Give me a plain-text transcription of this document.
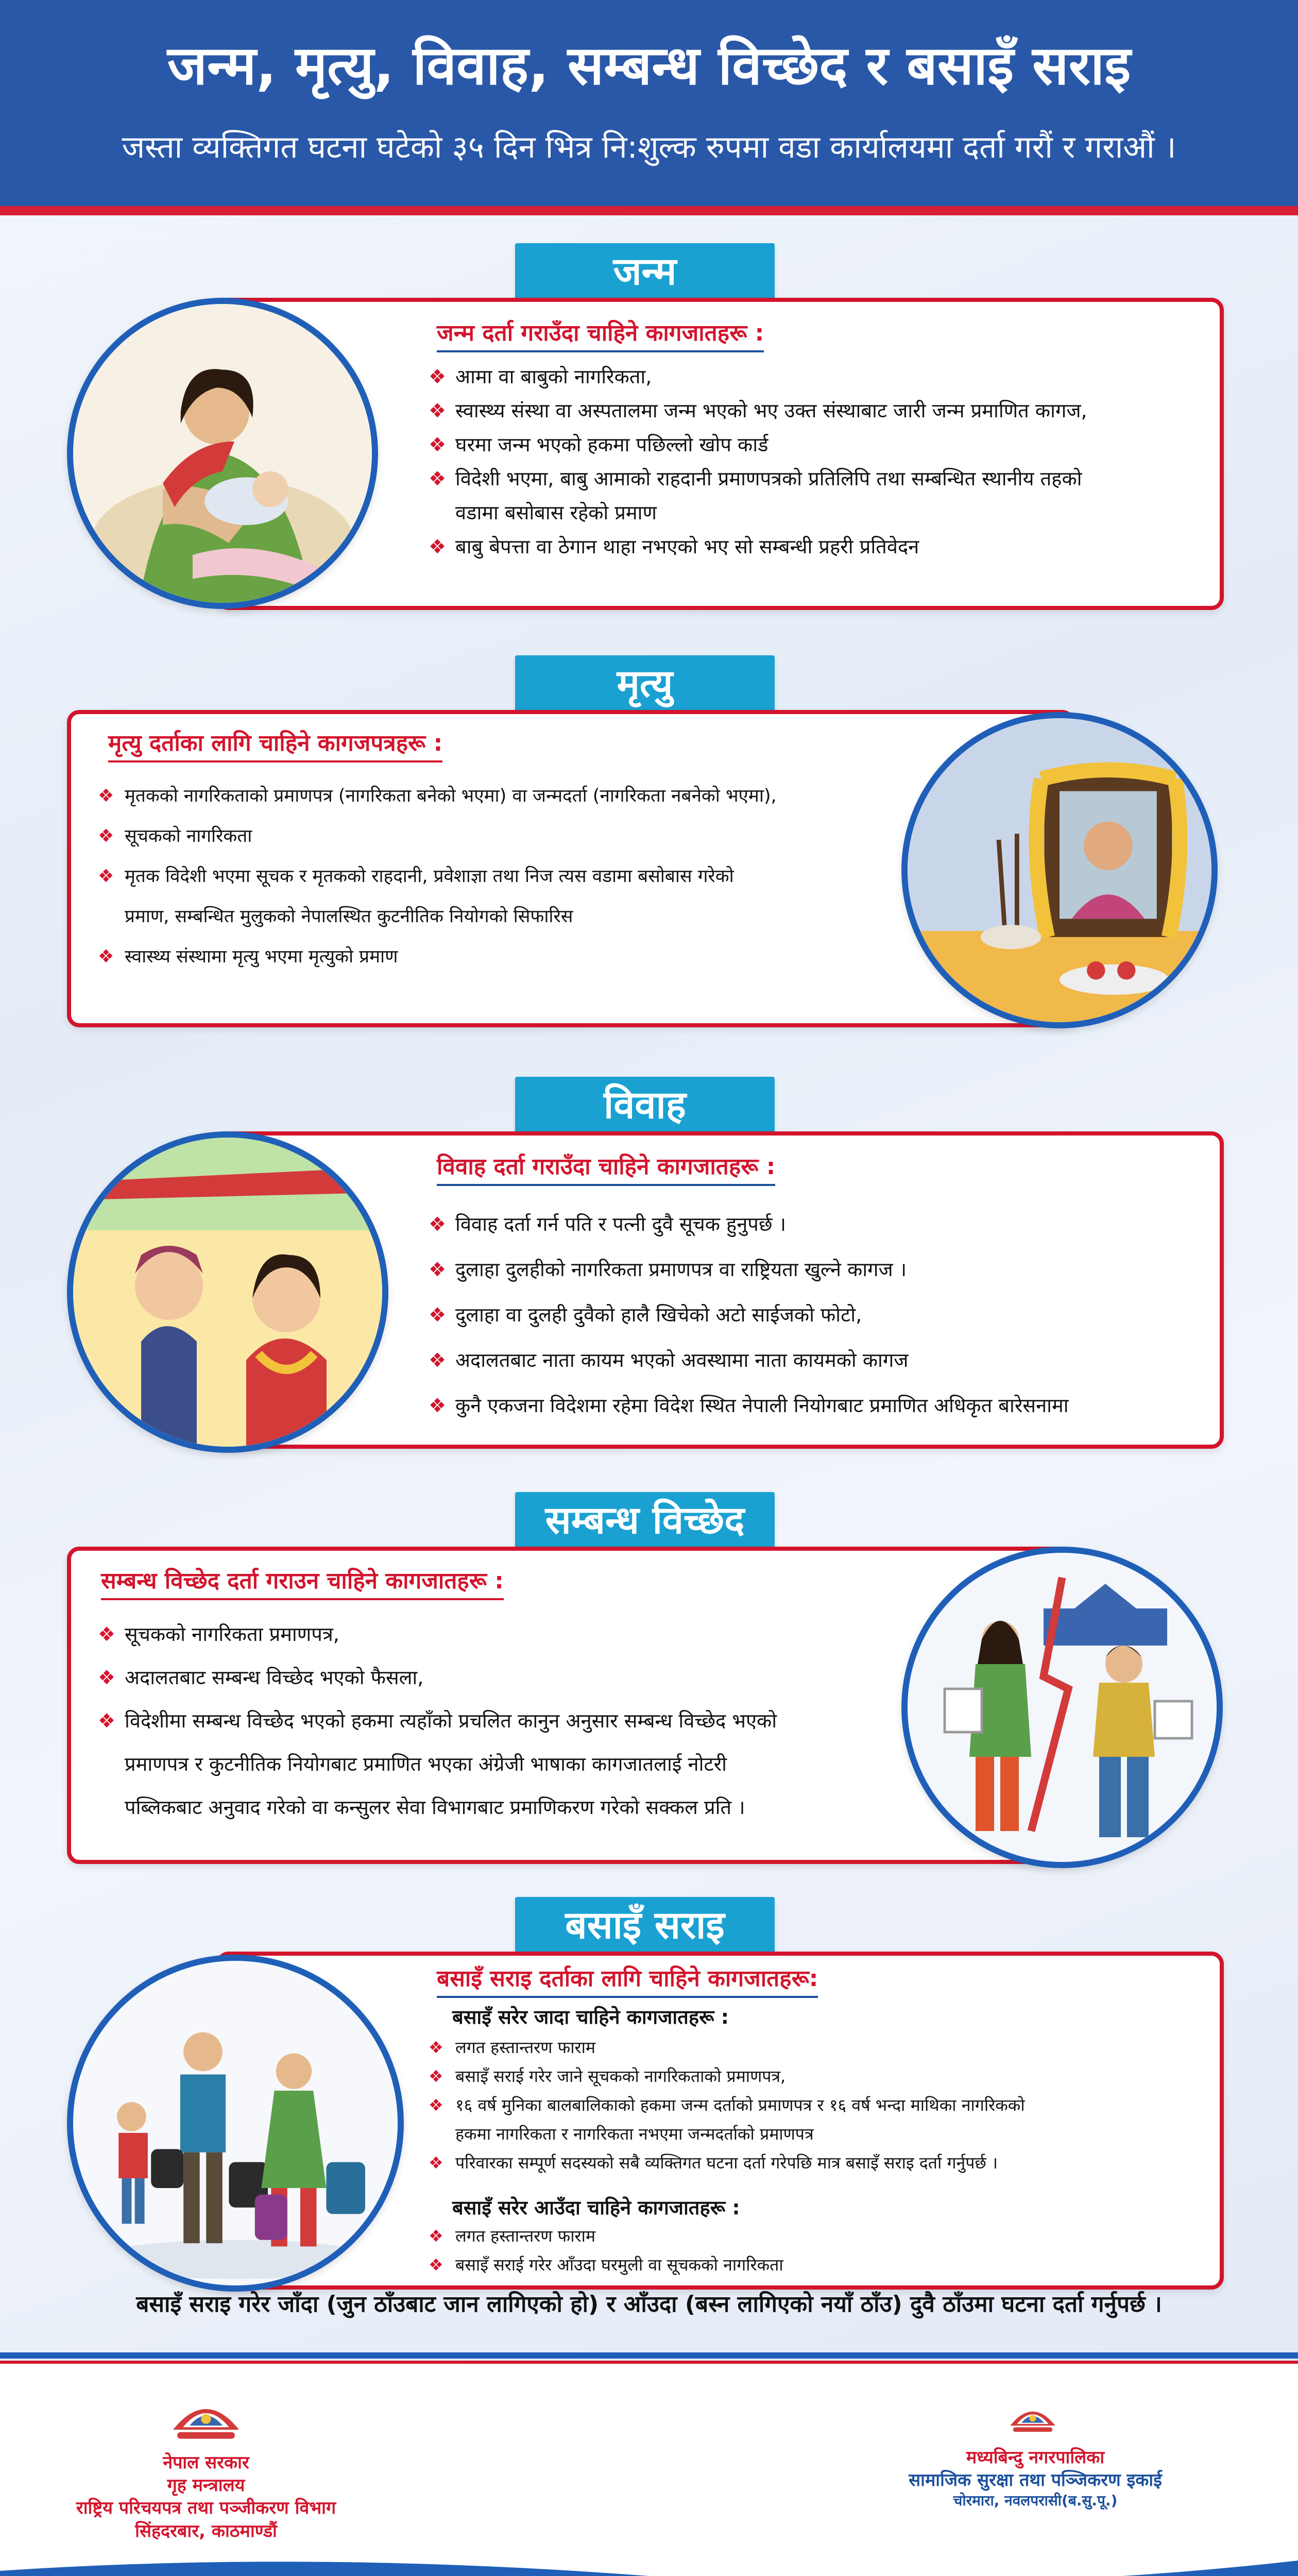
जन्म, मृत्यु, विवाह, सम्बन्ध विच्छेद र बसाइँ सराइ
जस्ता व्यक्तिगत घटना घटेको ३५ दिन भित्र नि:शुल्क रुपमा वडा कार्यालयमा दर्ता गरौं र गराऔं ।
जन्म
जन्म दर्ता गराउँदा चाहिने कागजातहरू :
❖ आमा वा बाबुको नागरिकता,
❖ स्वास्थ्य संस्था वा अस्पतालमा जन्म भएको भए उक्त संस्थाबाट जारी जन्म प्रमाणित कागज,
❖ घरमा जन्म भएको हकमा पछिल्लो खोप कार्ड
❖ विदेशी भएमा, बाबु आमाको राहदानी प्रमाणपत्रको प्रतिलिपि तथा सम्बन्धित स्थानीय तहको
वडामा बसोबास रहेको प्रमाण
❖ बाबु बेपत्ता वा ठेगान थाहा नभएको भए सो सम्बन्धी प्रहरी प्रतिवेदन
मृत्यु
मृत्यु दर्ताका लागि चाहिने कागजपत्रहरू :
❖ मृतकको नागरिकताको प्रमाणपत्र (नागरिकता बनेको भएमा) वा जन्मदर्ता (नागरिकता नबनेको भएमा),
❖ सूचकको नागरिकता
❖ मृतक विदेशी भएमा सूचक र मृतकको राहदानी, प्रवेशाज्ञा तथा निज त्यस वडामा बसोबास गरेको
प्रमाण, सम्बन्धित मुलुकको नेपालस्थित कुटनीतिक नियोगको सिफारिस
❖ स्वास्थ्य संस्थामा मृत्यु भएमा मृत्युको प्रमाण
विवाह
विवाह दर्ता गराउँदा चाहिने कागजातहरू :
❖ विवाह दर्ता गर्न पति र पत्नी दुवै सूचक हुनुपर्छ ।
❖ दुलाहा दुलहीको नागरिकता प्रमाणपत्र वा राष्ट्रियता खुल्ने कागज ।
❖ दुलाहा वा दुलही दुवैको हालै खिचेको अटो साईजको फोटो,
❖ अदालतबाट नाता कायम भएको अवस्थामा नाता कायमको कागज
❖ कुनै एकजना विदेशमा रहेमा विदेश स्थित नेपाली नियोगबाट प्रमाणित अधिकृत बारेसनामा
सम्बन्ध विच्छेद
सम्बन्ध विच्छेद दर्ता गराउन चाहिने कागजातहरू :
❖ सूचकको नागरिकता प्रमाणपत्र,
❖ अदालतबाट सम्बन्ध विच्छेद भएको फैसला,
❖ विदेशीमा सम्बन्ध विच्छेद भएको हकमा त्यहाँको प्रचलित कानुन अनुसार सम्बन्ध विच्छेद भएको
प्रमाणपत्र र कुटनीतिक नियोगबाट प्रमाणित भएका अंग्रेजी भाषाका कागजातलाई नोटरी
पब्लिकबाट अनुवाद गरेको वा कन्सुलर सेवा विभागबाट प्रमाणिकरण गरेको सक्कल प्रति ।
बसाइँ सराइ
बसाइँ सराइ दर्ताका लागि चाहिने कागजातहरू:
बसाइँ सरेर जादा चाहिने कागजातहरू :
❖ लगत हस्तान्तरण फाराम
❖ बसाइँ सराई गरेर जाने सूचकको नागरिकताको प्रमाणपत्र,
❖ १६ वर्ष मुनिका बालबालिकाको हकमा जन्म दर्ताको प्रमाणपत्र र १६ वर्ष भन्दा माथिका नागरिकको
हकमा नागरिकता र नागरिकता नभएमा जन्मदर्ताको प्रमाणपत्र
❖ परिवारका सम्पूर्ण सदस्यको सबै व्यक्तिगत घटना दर्ता गरेपछि मात्र बसाइँ सराइ दर्ता गर्नुपर्छ ।
बसाइँ सरेर आउँदा चाहिने कागजातहरू :
❖ लगत हस्तान्तरण फाराम
❖ बसाइँ सराई गरेर आँउदा घरमुली वा सूचकको नागरिकता
बसाइँ सराइ गरेर जाँदा (जुन ठाँउबाट जान लागिएको हो) र आँउदा (बस्न लागिएको नयाँ ठाँउ) दुवै ठाँउमा घटना दर्ता गर्नुपर्छ ।
नेपाल सरकार
गृह मन्त्रालय
राष्ट्रिय परिचयपत्र तथा पञ्जीकरण विभाग
सिंहदरबार, काठमाण्डौं
मध्यबिन्दु नगरपालिका
सामाजिक सुरक्षा तथा पञ्जिकरण इकाई
चोरमारा, नवलपरासी(ब.सु.पू.)
